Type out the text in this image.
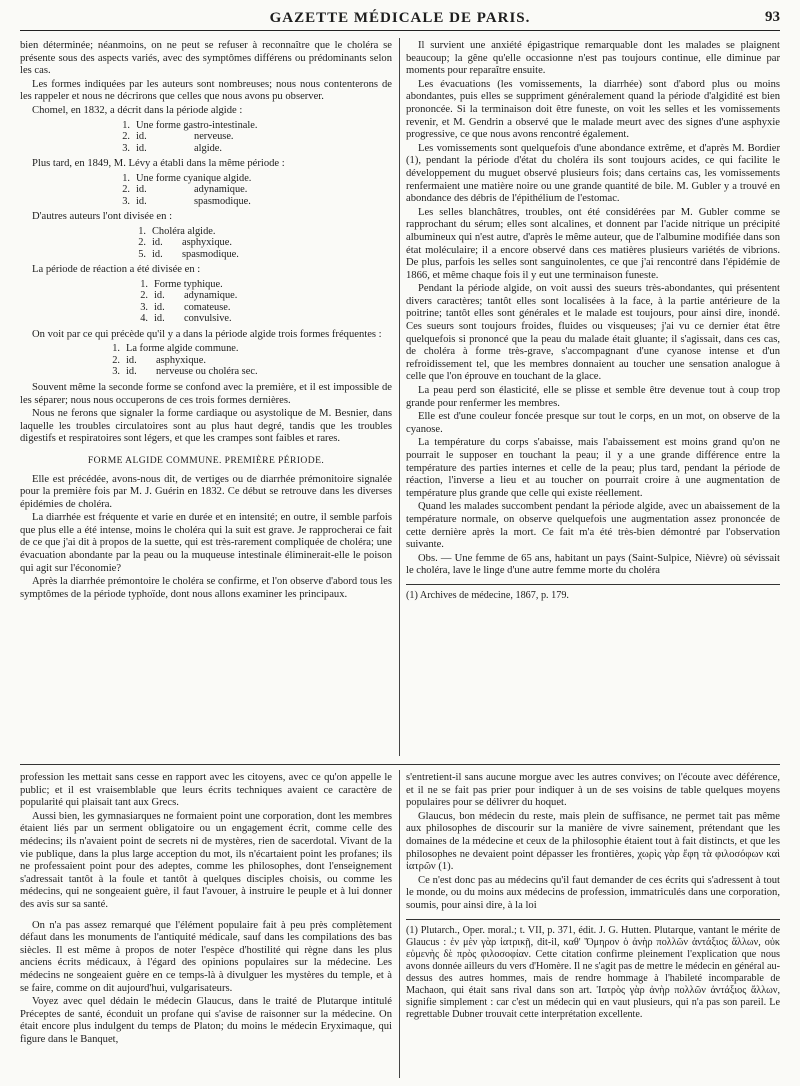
GAZETTE MÉDICALE DE PARIS.	93

bien déterminée; néanmoins, on ne peut se refuser à reconnaître que le choléra se présente sous des aspects variés, avec des symptômes différens ou prédominants selon les cas.

Les formes indiquées par les auteurs sont nombreuses; nous nous contenterons de les rappeler et nous ne décrirons que celles que nous avons pu observer.

Chomel, en 1832, a décrit dans la période algide :

1. Une forme gastro-intestinale.
2. id.	nerveuse.
3. id.	algide.

Plus tard, en 1849, M. Lévy a établi dans la même période :

1. Une forme cyanique algide.
2. id.	adynamique.
3. id.	spasmodique.

D'autres auteurs l'ont divisée en :

1. Choléra algide.
2. id.	asphyxique.
5. id.	spasmodique.

La période de réaction a été divisée en :

1. Forme typhique.
2. id.	adynamique.
3. id.	comateuse.
4. id.	convulsive.

On voit par ce qui précède qu'il y a dans la période algide trois formes fréquentes :

1. La forme algide commune.
2. id.	asphyxique.
3. id.	nerveuse ou choléra sec.

Souvent même la seconde forme se confond avec la première, et il est impossible de les séparer; nous nous occuperons de ces trois formes dernières.

Nous ne ferons que signaler la forme cardiaque ou asystolique de M. Besnier, dans laquelle les troubles circulatoires sont au plus haut degré, tandis que les troubles digestifs et respiratoires sont légers, et que les crampes sont faibles et rares.

FORME ALGIDE COMMUNE. PREMIÈRE PÉRIODE.

Elle est précédée, avons-nous dit, de vertiges ou de diarrhée prémonitoire signalée pour la première fois par M. J. Guérin en 1832. Ce début se retrouve dans les diverses épidémies de choléra.

La diarrhée est fréquente et varie en durée et en intensité; en outre, il semble parfois que plus elle a été intense, moins le choléra qui la suit est grave. Je rapprocherai ce fait de ce que j'ai dit à propos de la suette, qui est très-rarement compliquée de choléra; une évacuation abondante par la peau ou la muqueuse intestinale éliminerait-elle le poison qui agit sur l'économie?

Après la diarrhée prémontoire le choléra se confirme, et l'on observe d'abord tous les symptômes de la période typhoïde, dont nous allons examiner les principaux.

Il survient une anxiété épigastrique remarquable dont les malades se plaignent beaucoup; la gêne qu'elle occasionne n'est pas toujours continue, elle diminue par moments pour reparaître ensuite.

Les évacuations (les vomissements, la diarrhée) sont d'abord plus ou moins abondantes, puis elles se suppriment généralement quand la période d'algidité est bien prononcée. Si la terminaison doit être funeste, on voit les selles et les vomissements revenir, et M. Gendrin a observé que le malade meurt avec des signes d'une asphyxie progressive, ce que nous avons rencontré également.

Les vomissements sont quelquefois d'une abondance extrême, et d'après M. Bordier (1), pendant la période d'état du choléra ils sont toujours acides, ce qui facilite le développement du muguet observé plusieurs fois; dans certains cas, les vomissements renfermaient une matière noire ou une grande quantité de bile. M. Gubler y a trouvé en abondance des débris de l'épithélium de l'estomac.

Les selles blanchâtres, troubles, ont été considérées par M. Gubler comme se rapprochant du sérum; elles sont alcalines, et donnent par l'acide nitrique un précipité albumineux qui n'est autre, d'après le même auteur, que de l'albumine modifiée dans son état moléculaire; il a encore observé dans ces matières plusieurs variétés de vibrions. De plus, parfois les selles sont sanguinolentes, ce que j'ai rencontré dans l'épidémie de 1866, et même chaque fois il y eut une terminaison funeste.

Pendant la période algide, on voit aussi des sueurs très-abondantes, qui présentent divers caractères; tantôt elles sont localisées à la face, à la partie antérieure de la poitrine; tantôt elles sont générales et le malade est toujours, pour ainsi dire, inondé. Ces sueurs sont toujours froides, fluides ou visqueuses; j'ai vu ce dernier état être quelquefois si prononcé que la peau du malade était gluante; il s'agissait, dans ces cas, de choléra à forme très-grave, s'accompagnant d'une cyanose intense et d'un refroidissement tel, que les membres donnaient au toucher une sensation analogue à celle que l'on éprouve en touchant de la glace.

La peau perd son élasticité, elle se plisse et semble être devenue tout à coup trop grande pour renfermer les membres.

Elle est d'une couleur foncée presque sur tout le corps, en un mot, on observe de la cyanose.

La température du corps s'abaisse, mais l'abaissement est moins grand qu'on ne pourrait le supposer en touchant la peau; il y a une grande différence entre la température des parties internes et celle de la peau; plus tard, pendant la période de réaction, l'inverse a lieu et au toucher on pourrait croire à une augmentation de température plus grande que celle qui existe réellement.

Quand les malades succombent pendant la période algide, avec un abaissement de la température normale, on observe quelquefois une augmentation assez prononcée de cette dernière après la mort. Ce fait m'a été très-bien démontré par l'observation suivante.

Obs. — Une femme de 65 ans, habitant un pays (Saint-Sulpice, Nièvre) où sévissait le choléra, lave le linge d'une autre femme morte du choléra

(1) Archives de médecine, 1867, p. 179.

profession les mettait sans cesse en rapport avec les citoyens, avec ce qu'on appelle le public; et il est vraisemblable que leurs écrits techniques avaient ce caractère de popularité qui plaisait tant aux Grecs.

Aussi bien, les gymnasiarques ne formaient point une corporation, dont les membres étaient liés par un serment obligatoire ou un engagement écrit, comme celle des médecins; ils n'avaient point de secrets ni de mystères, rien de sacerdotal. Vivant de la vie publique, dans la plus large acception du mot, ils n'écartaient point les profanes; ils ne professaient point pour des adeptes, comme les philosophes, dont l'enseignement s'adressait tantôt à la foule et tantôt à quelques disciples choisis, ou comme les médecins, qui ne songeaient guère, il faut l'avouer, à instruire le peuple et à lui donner des avis sur sa santé.

On n'a pas assez remarqué que l'élément populaire fait à peu près complètement défaut dans les monuments de l'antiquité médicale, sauf dans les compilations des bas siècles. Il est même à propos de noter l'espèce d'hostilité qui règne dans les plus anciens écrits médicaux, à l'égard des opinions populaires sur la médecine. Les médecins ne songeaient guère en ce temps-là à divulguer les mystères du temple, et à se faire, comme on dit aujourd'hui, vulgarisateurs.

Voyez avec quel dédain le médecin Glaucus, dans le traité de Plutarque intitulé Préceptes de santé, éconduit un profane qui s'avise de raisonner sur la médecine. On était encore plus indulgent du temps de Platon; du moins le médecin Eryximaque, qui figure dans le Banquet,

s'entretient-il sans aucune morgue avec les autres convives; on l'écoute avec déférence, et il ne se fait pas prier pour indiquer à un de ses voisins de table quelques moyens populaires pour se délivrer du hoquet.

Glaucus, bon médecin du reste, mais plein de suffisance, ne permet tait pas même aux philosophes de discourir sur la manière de vivre sainement, prétendant que les domaines de la médecine et ceux de la philosophie étaient tout à fait distincts, et que les philosophes ne devaient point dépasser les frontières, χωρὶς γὰρ ἔφη τὰ φιλοσόφων καὶ ἰατρῶν (1).

Ce n'est donc pas au médecins qu'il faut demander de ces écrits qui s'adressent à tout le monde, ou du moins aux médecins de profession, immatriculés dans une corporation, soumis, pour ainsi dire, à la loi

(1) Plutarch., Oper. moral.; t. VII, p. 371, édit. J. G. Hutten. Plutarque, vantant le mérite de Glaucus : ἐν μὲν γὰρ ἰατρικῇ, dit-il, καθ' Ὅμηρον ὁ ἀνὴρ πολλῶν ἀντάξιος ἄλλων, οὐκ εὐμενὴς δὲ πρὸς φιλοσοφίαν. Cette citation confirme pleinement l'explication que nous avons donnée ailleurs du vers d'Homère. Il ne s'agit pas de mettre le médecin en général au-dessus des autres hommes, mais de rendre hommage à l'habileté incomparable de Machaon, qui était sans rival dans son art. Ἰατρὸς γὰρ ἀνὴρ πολλῶν ἀντάξιος ἄλλων, signifie simplement : car c'est un médecin qui en vaut plusieurs, qui n'a pas son pareil. Le regrettable Dubner trouvait cette interprétation excellente.
